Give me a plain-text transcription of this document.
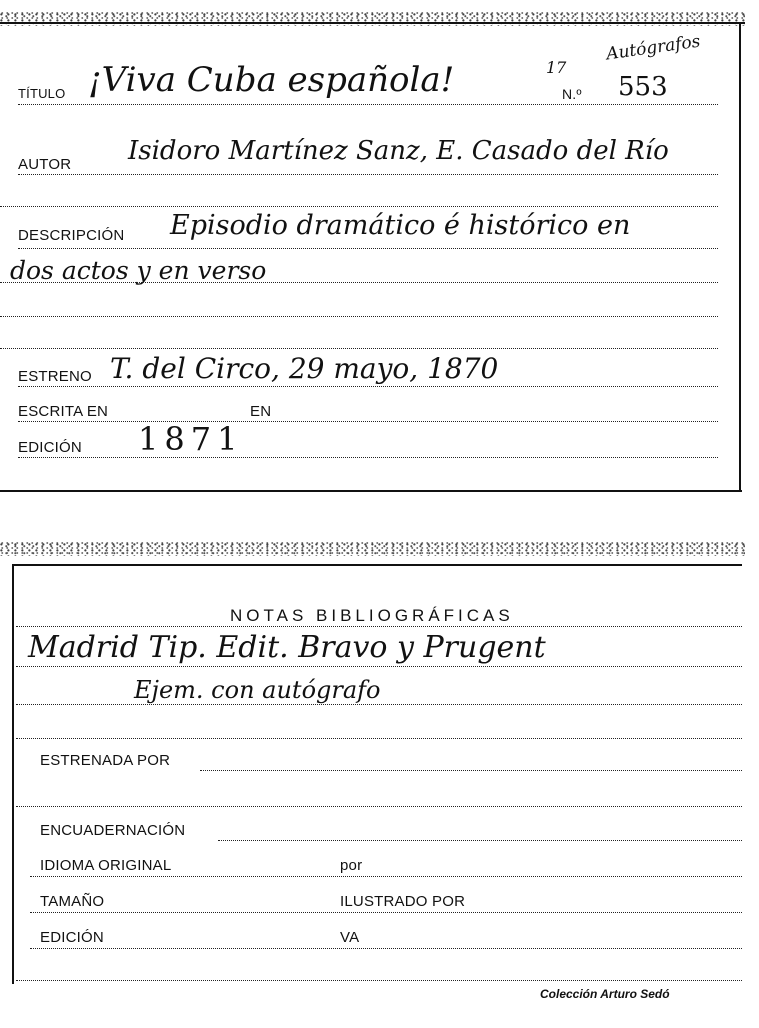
Autógrafos
TÍTULO ¡Viva Cuba española!	17
N.º 553
AUTOR Isidoro Martínez Sanz, E. Casado del Río
DESCRIPCIÓN Episodio dramático é histórico en
dos actos y en verso
ESTRENO T. del Circo, 29 mayo, 1870
ESCRITA EN	EN
EDICIÓN 1871
NOTAS BIBLIOGRÁFICAS
Madrid Tip. Edit. Bravo y Prugent
Ejem. con autógrafo
ESTRENADA POR
ENCUADERNACIÓN
IDIOMA ORIGINAL	por
TAMAÑO	ILUSTRADO POR
EDICIÓN	VA
Colección Arturo Sedó
